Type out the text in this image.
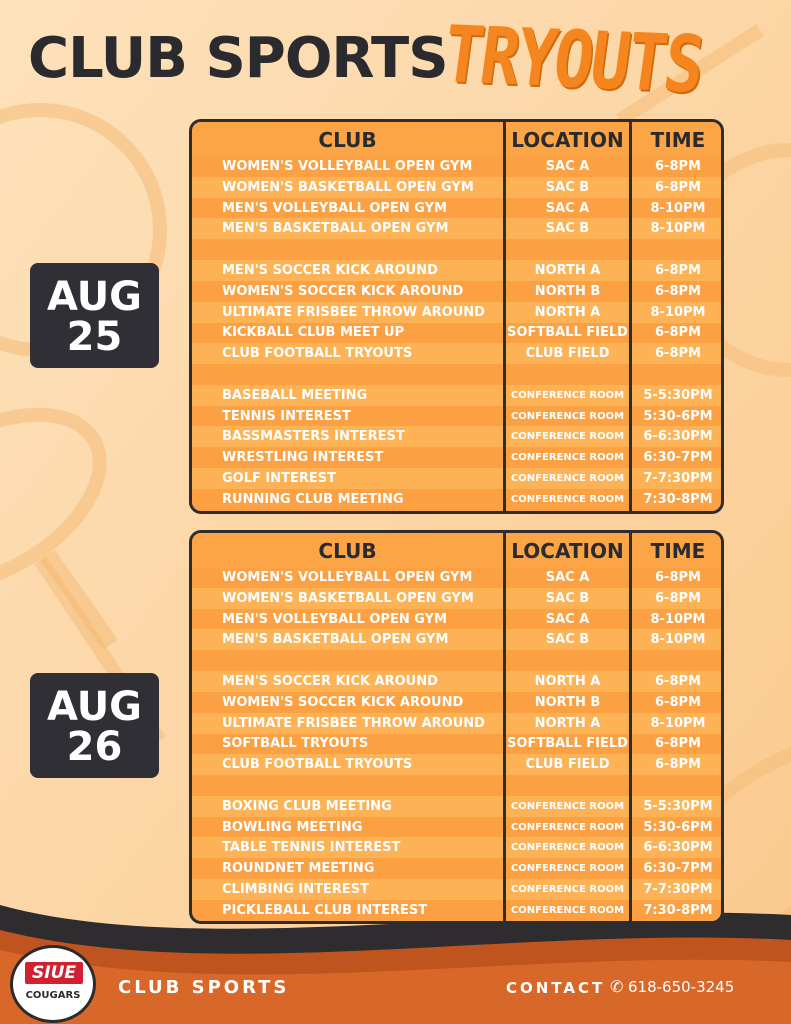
CLUB SPORTS
TRYOUTS
AUG
25
AUG
26
CLUB	LOCATION	TIME
WOMEN'S VOLLEYBALL OPEN GYM	SAC A	6-8PM
WOMEN'S BASKETBALL OPEN GYM	SAC B	6-8PM
MEN'S VOLLEYBALL OPEN GYM	SAC A	8-10PM
MEN'S BASKETBALL OPEN GYM	SAC B	8-10PM
MEN'S SOCCER KICK AROUND	NORTH A	6-8PM
WOMEN'S SOCCER KICK AROUND	NORTH B	6-8PM
ULTIMATE FRISBEE THROW AROUND	NORTH A	8-10PM
KICKBALL CLUB MEET UP	SOFTBALL FIELD	6-8PM
CLUB FOOTBALL TRYOUTS	CLUB FIELD	6-8PM
BASEBALL MEETING	CONFERENCE ROOM	5-5:30PM
TENNIS INTEREST	CONFERENCE ROOM	5:30-6PM
BASSMASTERS INTEREST	CONFERENCE ROOM	6-6:30PM
WRESTLING INTEREST	CONFERENCE ROOM	6:30-7PM
GOLF INTEREST	CONFERENCE ROOM	7-7:30PM
RUNNING CLUB MEETING	CONFERENCE ROOM	7:30-8PM
CLUB	LOCATION	TIME
WOMEN'S VOLLEYBALL OPEN GYM	SAC A	6-8PM
WOMEN'S BASKETBALL OPEN GYM	SAC B	6-8PM
MEN'S VOLLEYBALL OPEN GYM	SAC A	8-10PM
MEN'S BASKETBALL OPEN GYM	SAC B	8-10PM
MEN'S SOCCER KICK AROUND	NORTH A	6-8PM
WOMEN'S SOCCER KICK AROUND	NORTH B	6-8PM
ULTIMATE FRISBEE THROW AROUND	NORTH A	8-10PM
SOFTBALL TRYOUTS	SOFTBALL FIELD	6-8PM
CLUB FOOTBALL TRYOUTS	CLUB FIELD	6-8PM
BOXING CLUB MEETING	CONFERENCE ROOM	5-5:30PM
BOWLING MEETING	CONFERENCE ROOM	5:30-6PM
TABLE TENNIS INTEREST	CONFERENCE ROOM	6-6:30PM
ROUNDNET MEETING	CONFERENCE ROOM	6:30-7PM
CLIMBING INTEREST	CONFERENCE ROOM	7-7:30PM
PICKLEBALL CLUB INTEREST	CONFERENCE ROOM	7:30-8PM
SIUE
COUGARS	CLUB SPORTS	CONTACT ✆ 618-650-3245
